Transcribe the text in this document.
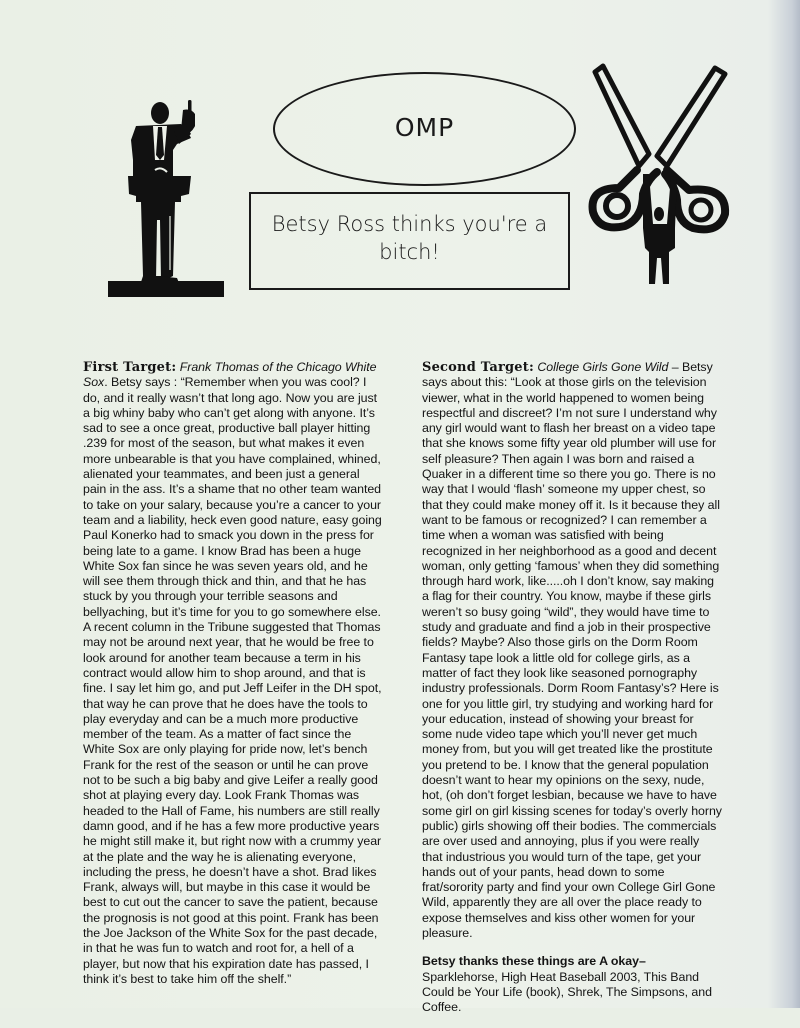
OMP
Betsy Ross thinks you're a bitch!

First Target: Frank Thomas of the Chicago White Sox. Betsy says : “Remember when you was cool? I do, and it really wasn’t that long ago. Now you are just a big whiny baby who can’t get along with anyone. It’s sad to see a once great, productive ball player hitting .239 for most of the season, but what makes it even more unbearable is that you have complained, whined, alienated your teammates, and been just a general pain in the ass. It’s a shame that no other team wanted to take on your salary, because you’re a cancer to your team and a liability, heck even good nature, easy going Paul Konerko had to smack you down in the press for being late to a game. I know Brad has been a huge White Sox fan since he was seven years old, and he will see them through thick and thin, and that he has stuck by you through your terrible seasons and bellyaching, but it’s time for you to go somewhere else. A recent column in the Tribune suggested that Thomas may not be around next year, that he would be free to look around for another team because a term in his contract would allow him to shop around, and that is fine. I say let him go, and put Jeff Leifer in the DH spot, that way he can prove that he does have the tools to play everyday and can be a much more productive member of the team. As a matter of fact since the White Sox are only playing for pride now, let’s bench Frank for the rest of the season or until he can prove not to be such a big baby and give Leifer a really good shot at playing every day. Look Frank Thomas was headed to the Hall of Fame, his numbers are still really damn good, and if he has a few more productive years he might still make it, but right now with a crummy year at the plate and the way he is alienating everyone, including the press, he doesn’t have a shot. Brad likes Frank, always will, but maybe in this case it would be best to cut out the cancer to save the patient, because the prognosis is not good at this point. Frank has been the Joe Jackson of the White Sox for the past decade, in that he was fun to watch and root for, a hell of a player, but now that his expiration date has passed, I think it’s best to take him off the shelf.”

Second Target: College Girls Gone Wild – Betsy says about this: “Look at those girls on the television viewer, what in the world happened to women being respectful and discreet? I’m not sure I understand why any girl would want to flash her breast on a video tape that she knows some fifty year old plumber will use for self pleasure? Then again I was born and raised a Quaker in a different time so there you go. There is no way that I would ‘flash’ someone my upper chest, so that they could make money off it. Is it because they all want to be famous or recognized? I can remember a time when a woman was satisfied with being recognized in her neighborhood as a good and decent woman, only getting ‘famous’ when they did something through hard work, like.....oh I don’t know, say making a flag for their country. You know, maybe if these girls weren’t so busy going “wild”, they would have time to study and graduate and find a job in their prospective fields? Maybe? Also those girls on the Dorm Room Fantasy tape look a little old for college girls, as a matter of fact they look like seasoned pornography industry professionals. Dorm Room Fantasy’s? Here is one for you little girl, try studying and working hard for your education, instead of showing your breast for some nude video tape which you’ll never get much money from, but you will get treated like the prostitute you pretend to be. I know that the general population doesn’t want to hear my opinions on the sexy, nude, hot, (oh don’t forget lesbian, because we have to have some girl on girl kissing scenes for today’s overly horny public) girls showing off their bodies. The commercials are over used and annoying, plus if you were really that industrious you would turn of the tape, get your hands out of your pants, head down to some frat/sorority party and find your own College Girl Gone Wild, apparently they are all over the place ready to expose themselves and kiss other women for your pleasure.

Betsy thanks these things are A okay– Sparklehorse, High Heat Baseball 2003, This Band Could be Your Life (book), Shrek, The Simpsons, and Coffee.
